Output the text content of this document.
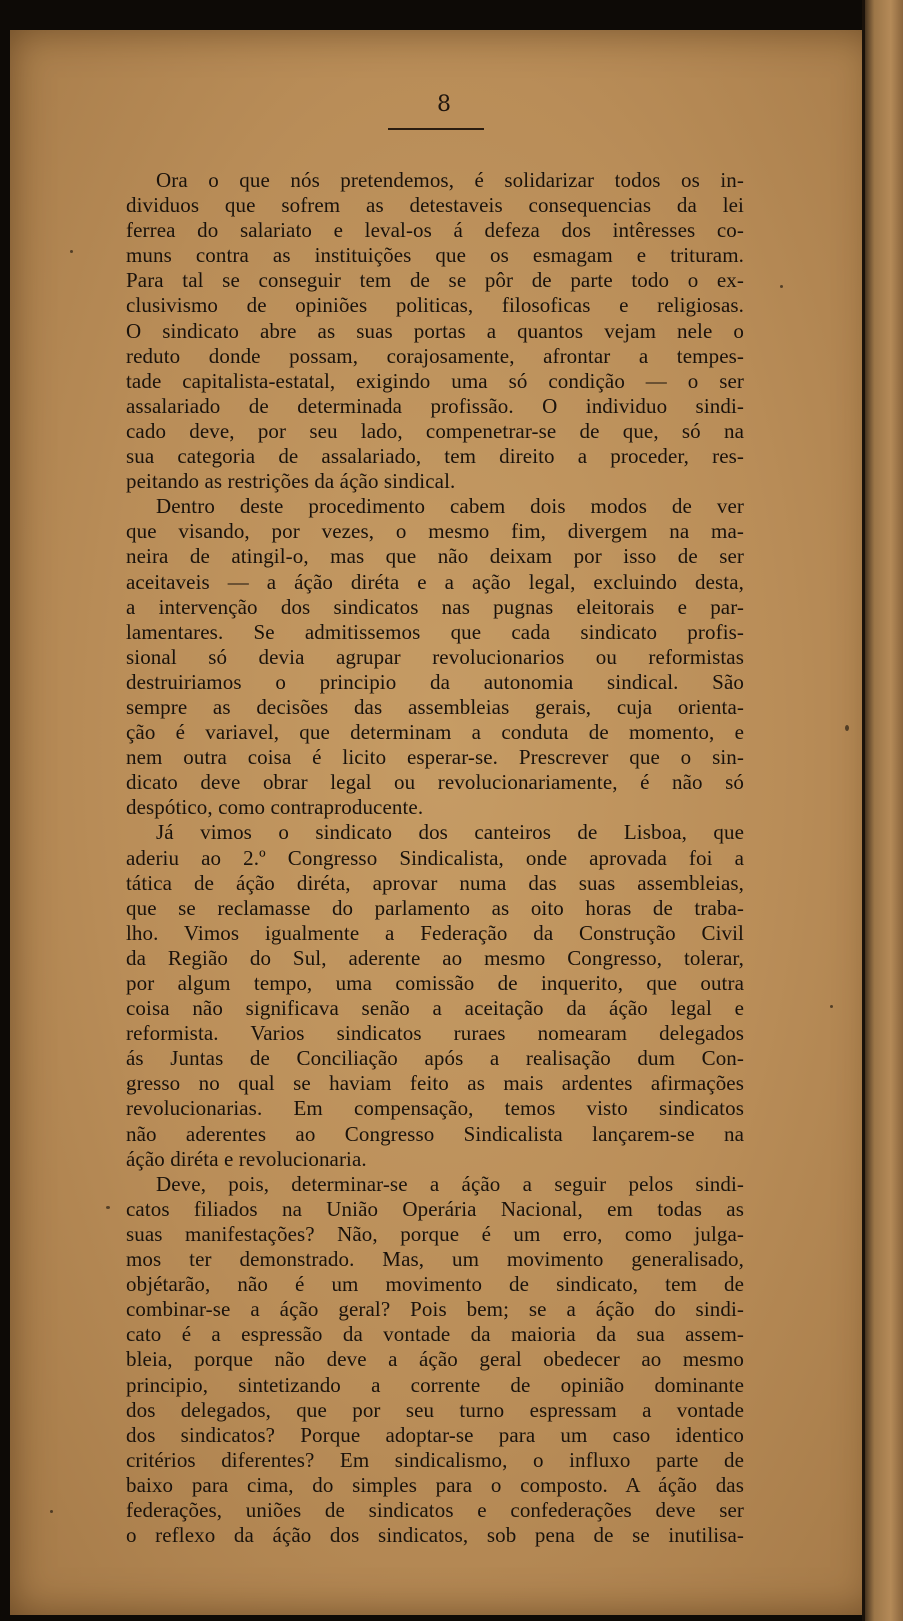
8
Ora o que nós pretendemos, é solidarizar todos os in-
dividuos que sofrem as detestaveis consequencias da lei
ferrea do salariato e leval-os á defeza dos intêresses co-
muns contra as instituições que os esmagam e trituram.
Para tal se conseguir tem de se pôr de parte todo o ex-
clusivismo de opiniões politicas, filosoficas e religiosas.
O sindicato abre as suas portas a quantos vejam nele o
reduto donde possam, corajosamente, afrontar a tempes-
tade capitalista-estatal, exigindo uma só condição — o ser
assalariado de determinada profissão. O individuo sindi-
cado deve, por seu lado, compenetrar-se de que, só na
sua categoria de assalariado, tem direito a proceder, res-
peitando as restrições da áção sindical.
Dentro deste procedimento cabem dois modos de ver
que visando, por vezes, o mesmo fim, divergem na ma-
neira de atingil-o, mas que não deixam por isso de ser
aceitaveis — a áção diréta e a ação legal, excluindo desta,
a intervenção dos sindicatos nas pugnas eleitorais e par-
lamentares. Se admitissemos que cada sindicato profis-
sional só devia agrupar revolucionarios ou reformistas
destruiriamos o principio da autonomia sindical. São
sempre as decisões das assembleias gerais, cuja orienta-
ção é variavel, que determinam a conduta de momento, e
nem outra coisa é licito esperar-se. Prescrever que o sin-
dicato deve obrar legal ou revolucionariamente, é não só
despótico, como contraproducente.
Já vimos o sindicato dos canteiros de Lisboa, que
aderiu ao 2.º Congresso Sindicalista, onde aprovada foi a
tática de áção diréta, aprovar numa das suas assembleias,
que se reclamasse do parlamento as oito horas de traba-
lho. Vimos igualmente a Federação da Construção Civil
da Região do Sul, aderente ao mesmo Congresso, tolerar,
por algum tempo, uma comissão de inquerito, que outra
coisa não significava senão a aceitação da áção legal e
reformista. Varios sindicatos ruraes nomearam delegados
ás Juntas de Conciliação após a realisação dum Con-
gresso no qual se haviam feito as mais ardentes afirmações
revolucionarias. Em compensação, temos visto sindicatos
não aderentes ao Congresso Sindicalista lançarem-se na
áção diréta e revolucionaria.
Deve, pois, determinar-se a áção a seguir pelos sindi-
catos filiados na União Operária Nacional, em todas as
suas manifestações? Não, porque é um erro, como julga-
mos ter demonstrado. Mas, um movimento generalisado,
objétarão, não é um movimento de sindicato, tem de
combinar-se a áção geral? Pois bem; se a áção do sindi-
cato é a espressão da vontade da maioria da sua assem-
bleia, porque não deve a áção geral obedecer ao mesmo
principio, sintetizando a corrente de opinião dominante
dos delegados, que por seu turno espressam a vontade
dos sindicatos? Porque adoptar-se para um caso identico
critérios diferentes? Em sindicalismo, o influxo parte de
baixo para cima, do simples para o composto. A áção das
federações, uniões de sindicatos e confederações deve ser
o reflexo da áção dos sindicatos, sob pena de se inutilisa-
